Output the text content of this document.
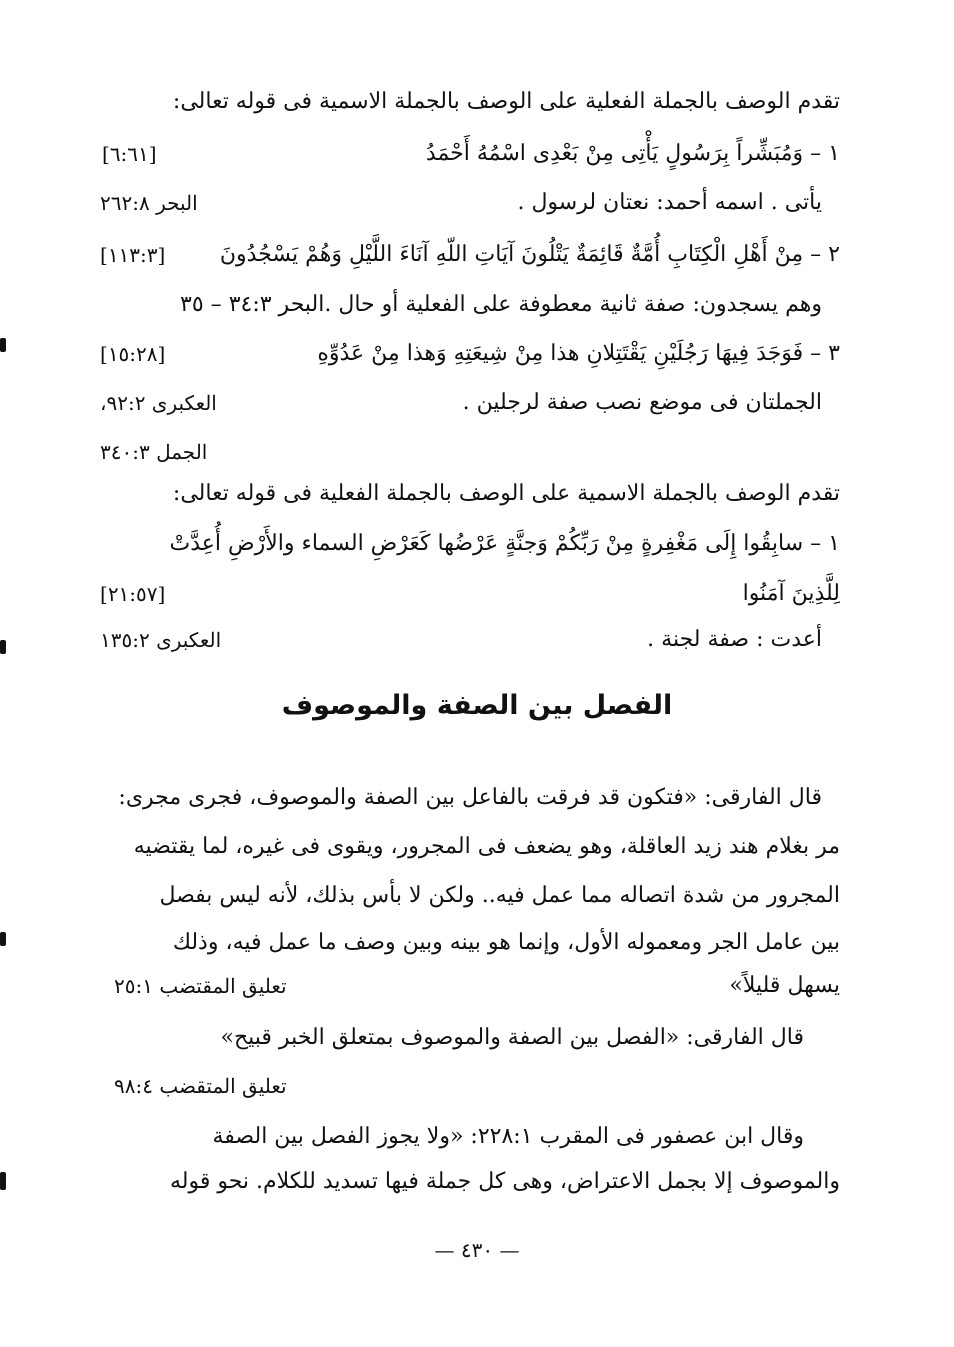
تقدم الوصف بالجملة الفعلية على الوصف بالجملة الاسمية فى قوله تعالى:
١ – وَمُبَشِّراً بِرَسُولٍ يَأْتِى مِنْ بَعْدِى اسْمُهُ أَحْمَدُ
[٦:٦١]
يأتى . اسمه أحمد: نعتان لرسول .
البحر ٢٦٢:٨
٢ – مِنْ أَهْلِ الْكِتَابِ أُمَّةٌ قَائِمَةٌ يَتْلُونَ آيَاتِ اللّهِ آنَاءَ اللَّيْلِ وَهُمْ يَسْجُدُونَ
[١١٣:٣]
وهم يسجدون: صفة ثانية معطوفة على الفعلية أو حال .البحر ٣٤:٣ – ٣٥
٣ – فَوَجَدَ فِيهَا رَجُلَيْنِ يَقْتَتِلانِ هذا مِنْ شِيعَتِهِ وَهذا مِنْ عَدُوِّهِ
[١٥:٢٨]
الجملتان فى موضع نصب صفة لرجلين .
العكبرى ٩٢:٢،
الجمل ٣٤٠:٣
تقدم الوصف بالجملة الاسمية على الوصف بالجملة الفعلية فى قوله تعالى:
١ – سابِقُوا إِلَى مَغْفِرةٍ مِنْ رَبِّكُمْ وَجنَّةٍ عَرْضُها كَعَرْضِ السماء والأَرْضِ أُعِدَّتْ
لِلَّذِينَ آمَنُوا
[٢١:٥٧]
أعدت : صفة لجنة .
العكبرى ١٣٥:٢
الفصل بين الصفة والموصوف
قال الفارقى: «فتكون قد فرقت بالفاعل بين الصفة والموصوف، فجرى مجرى:
مر بغلام هند زيد العاقلة، وهو يضعف فى المجرور، ويقوى فى غيره، لما يقتضيه
المجرور من شدة اتصاله مما عمل فيه.. ولكن لا بأس بذلك، لأنه ليس بفصل
بين عامل الجر ومعموله الأول، وإنما هو بينه وبين وصف ما عمل فيه، وذلك
يسهل قليلاً»
تعليق المقتضب ٢٥:١
قال الفارقى: «الفصل بين الصفة والموصوف بمتعلق الخبر قبيح»
تعليق المتقضب ٩٨:٤
وقال ابن عصفور فى المقرب ٢٢٨:١: «ولا يجوز الفصل بين الصفة
والموصوف إلا بجمل الاعتراض، وهى كل جملة فيها تسديد للكلام. نحو قوله
— ٤٣٠ —
